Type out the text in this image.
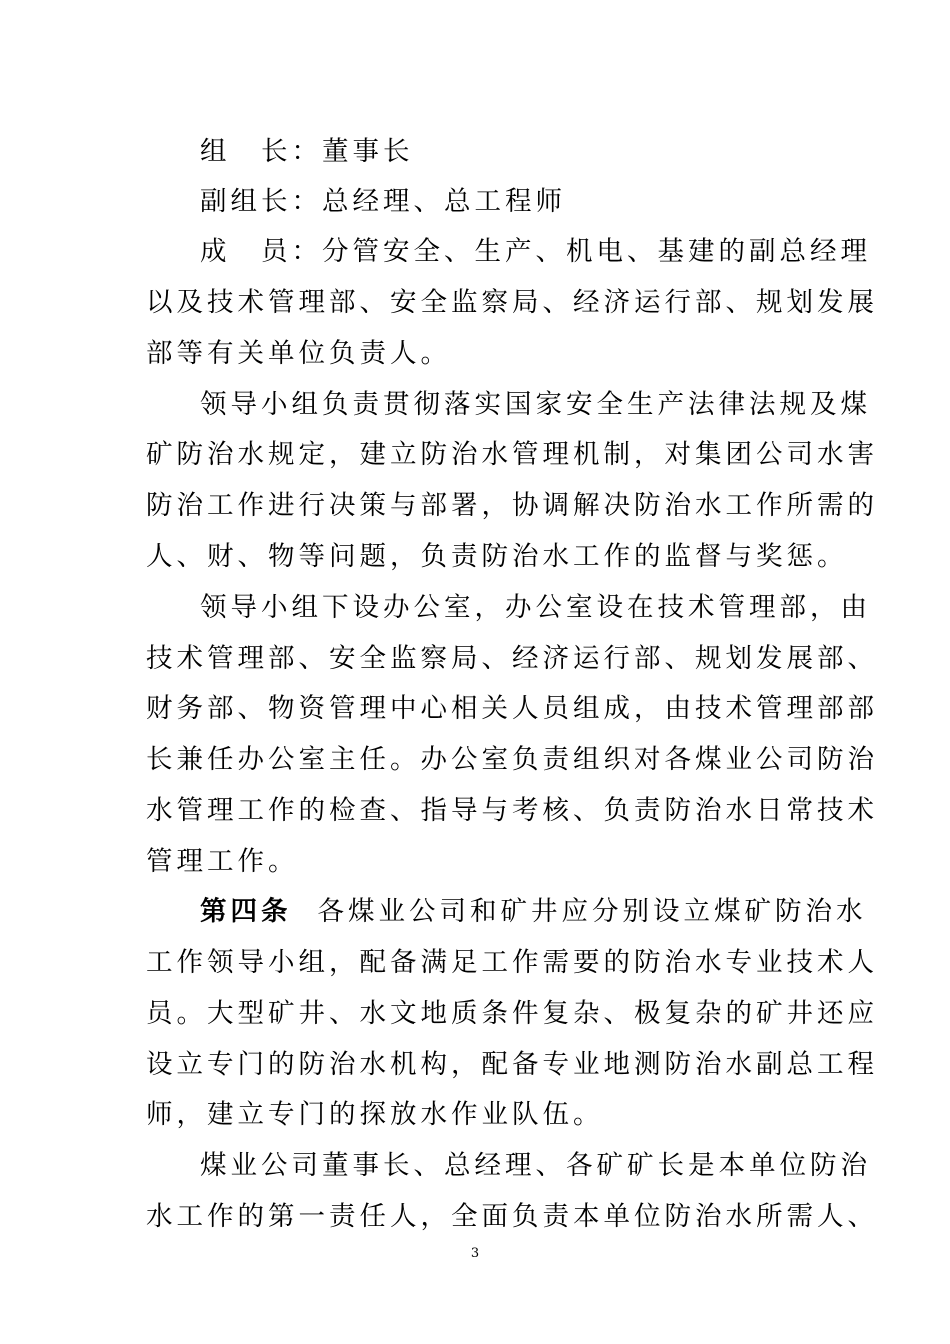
组　长：董事长
副组长：总经理、总工程师
成　员：分管安全、生产、机电、基建的副总经理
以及技术管理部、安全监察局、经济运行部、规划发展
部等有关单位负责人。
领导小组负责贯彻落实国家安全生产法律法规及煤
矿防治水规定，建立防治水管理机制，对集团公司水害
防治工作进行决策与部署，协调解决防治水工作所需的
人、财、物等问题，负责防治水工作的监督与奖惩。
领导小组下设办公室，办公室设在技术管理部，由
技术管理部、安全监察局、经济运行部、规划发展部、
财务部、物资管理中心相关人员组成，由技术管理部部
长兼任办公室主任。办公室负责组织对各煤业公司防治
水管理工作的检查、指导与考核、负责防治水日常技术
管理工作。
第四条 各煤业公司和矿井应分别设立煤矿防治水
工作领导小组，配备满足工作需要的防治水专业技术人
员。大型矿井、水文地质条件复杂、极复杂的矿井还应
设立专门的防治水机构，配备专业地测防治水副总工程
师，建立专门的探放水作业队伍。
煤业公司董事长、总经理、各矿矿长是本单位防治
水工作的第一责任人，全面负责本单位防治水所需人、
3
